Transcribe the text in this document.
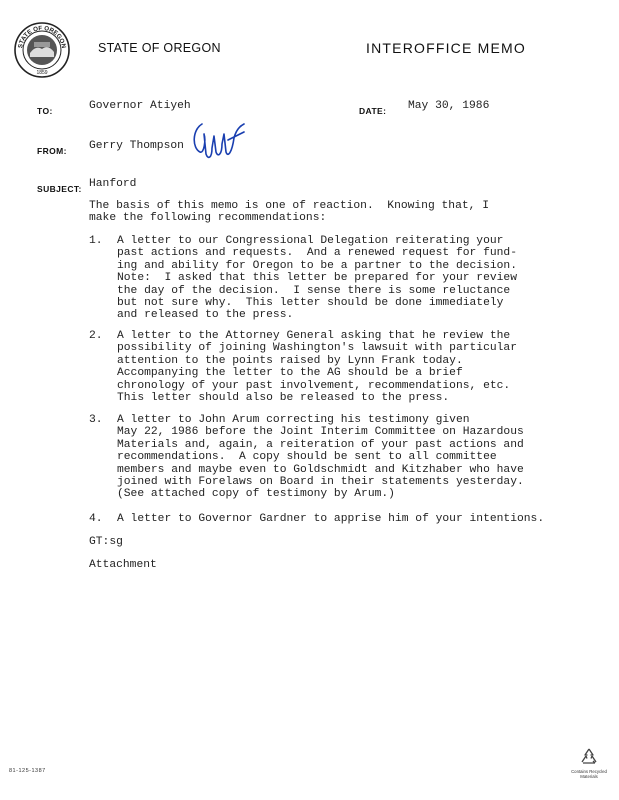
STATE OF OREGON
1859
STATE OF OREGON	INTEROFFICE MEMO
TO:	Governor Atiyeh	DATE: May 30, 1986
FROM: Gerry Thompson
SUBJECT: Hanford
The basis of this memo is one of reaction.  Knowing that, I
make the following recommendations:
1. A letter to our Congressional Delegation reiterating your
past actions and requests.  And a renewed request for fund-
ing and ability for Oregon to be a partner to the decision.
Note:  I asked that this letter be prepared for your review
the day of the decision.  I sense there is some reluctance
but not sure why.  This letter should be done immediately
and released to the press.
2. A letter to the Attorney General asking that he review the
possibility of joining Washington's lawsuit with particular
attention to the points raised by Lynn Frank today.
Accompanying the letter to the AG should be a brief
chronology of your past involvement, recommendations, etc.
This letter should also be released to the press.
3. A letter to John Arum correcting his testimony given
May 22, 1986 before the Joint Interim Committee on Hazardous
Materials and, again, a reiteration of your past actions and
recommendations.  A copy should be sent to all committee
members and maybe even to Goldschmidt and Kitzhaber who have
joined with Forelaws on Board in their statements yesterday.
(See attached copy of testimony by Arum.)
4. A letter to Governor Gardner to apprise him of your intentions.
GT:sg
Attachment
81-125-1387	Contains Recycled Materials
